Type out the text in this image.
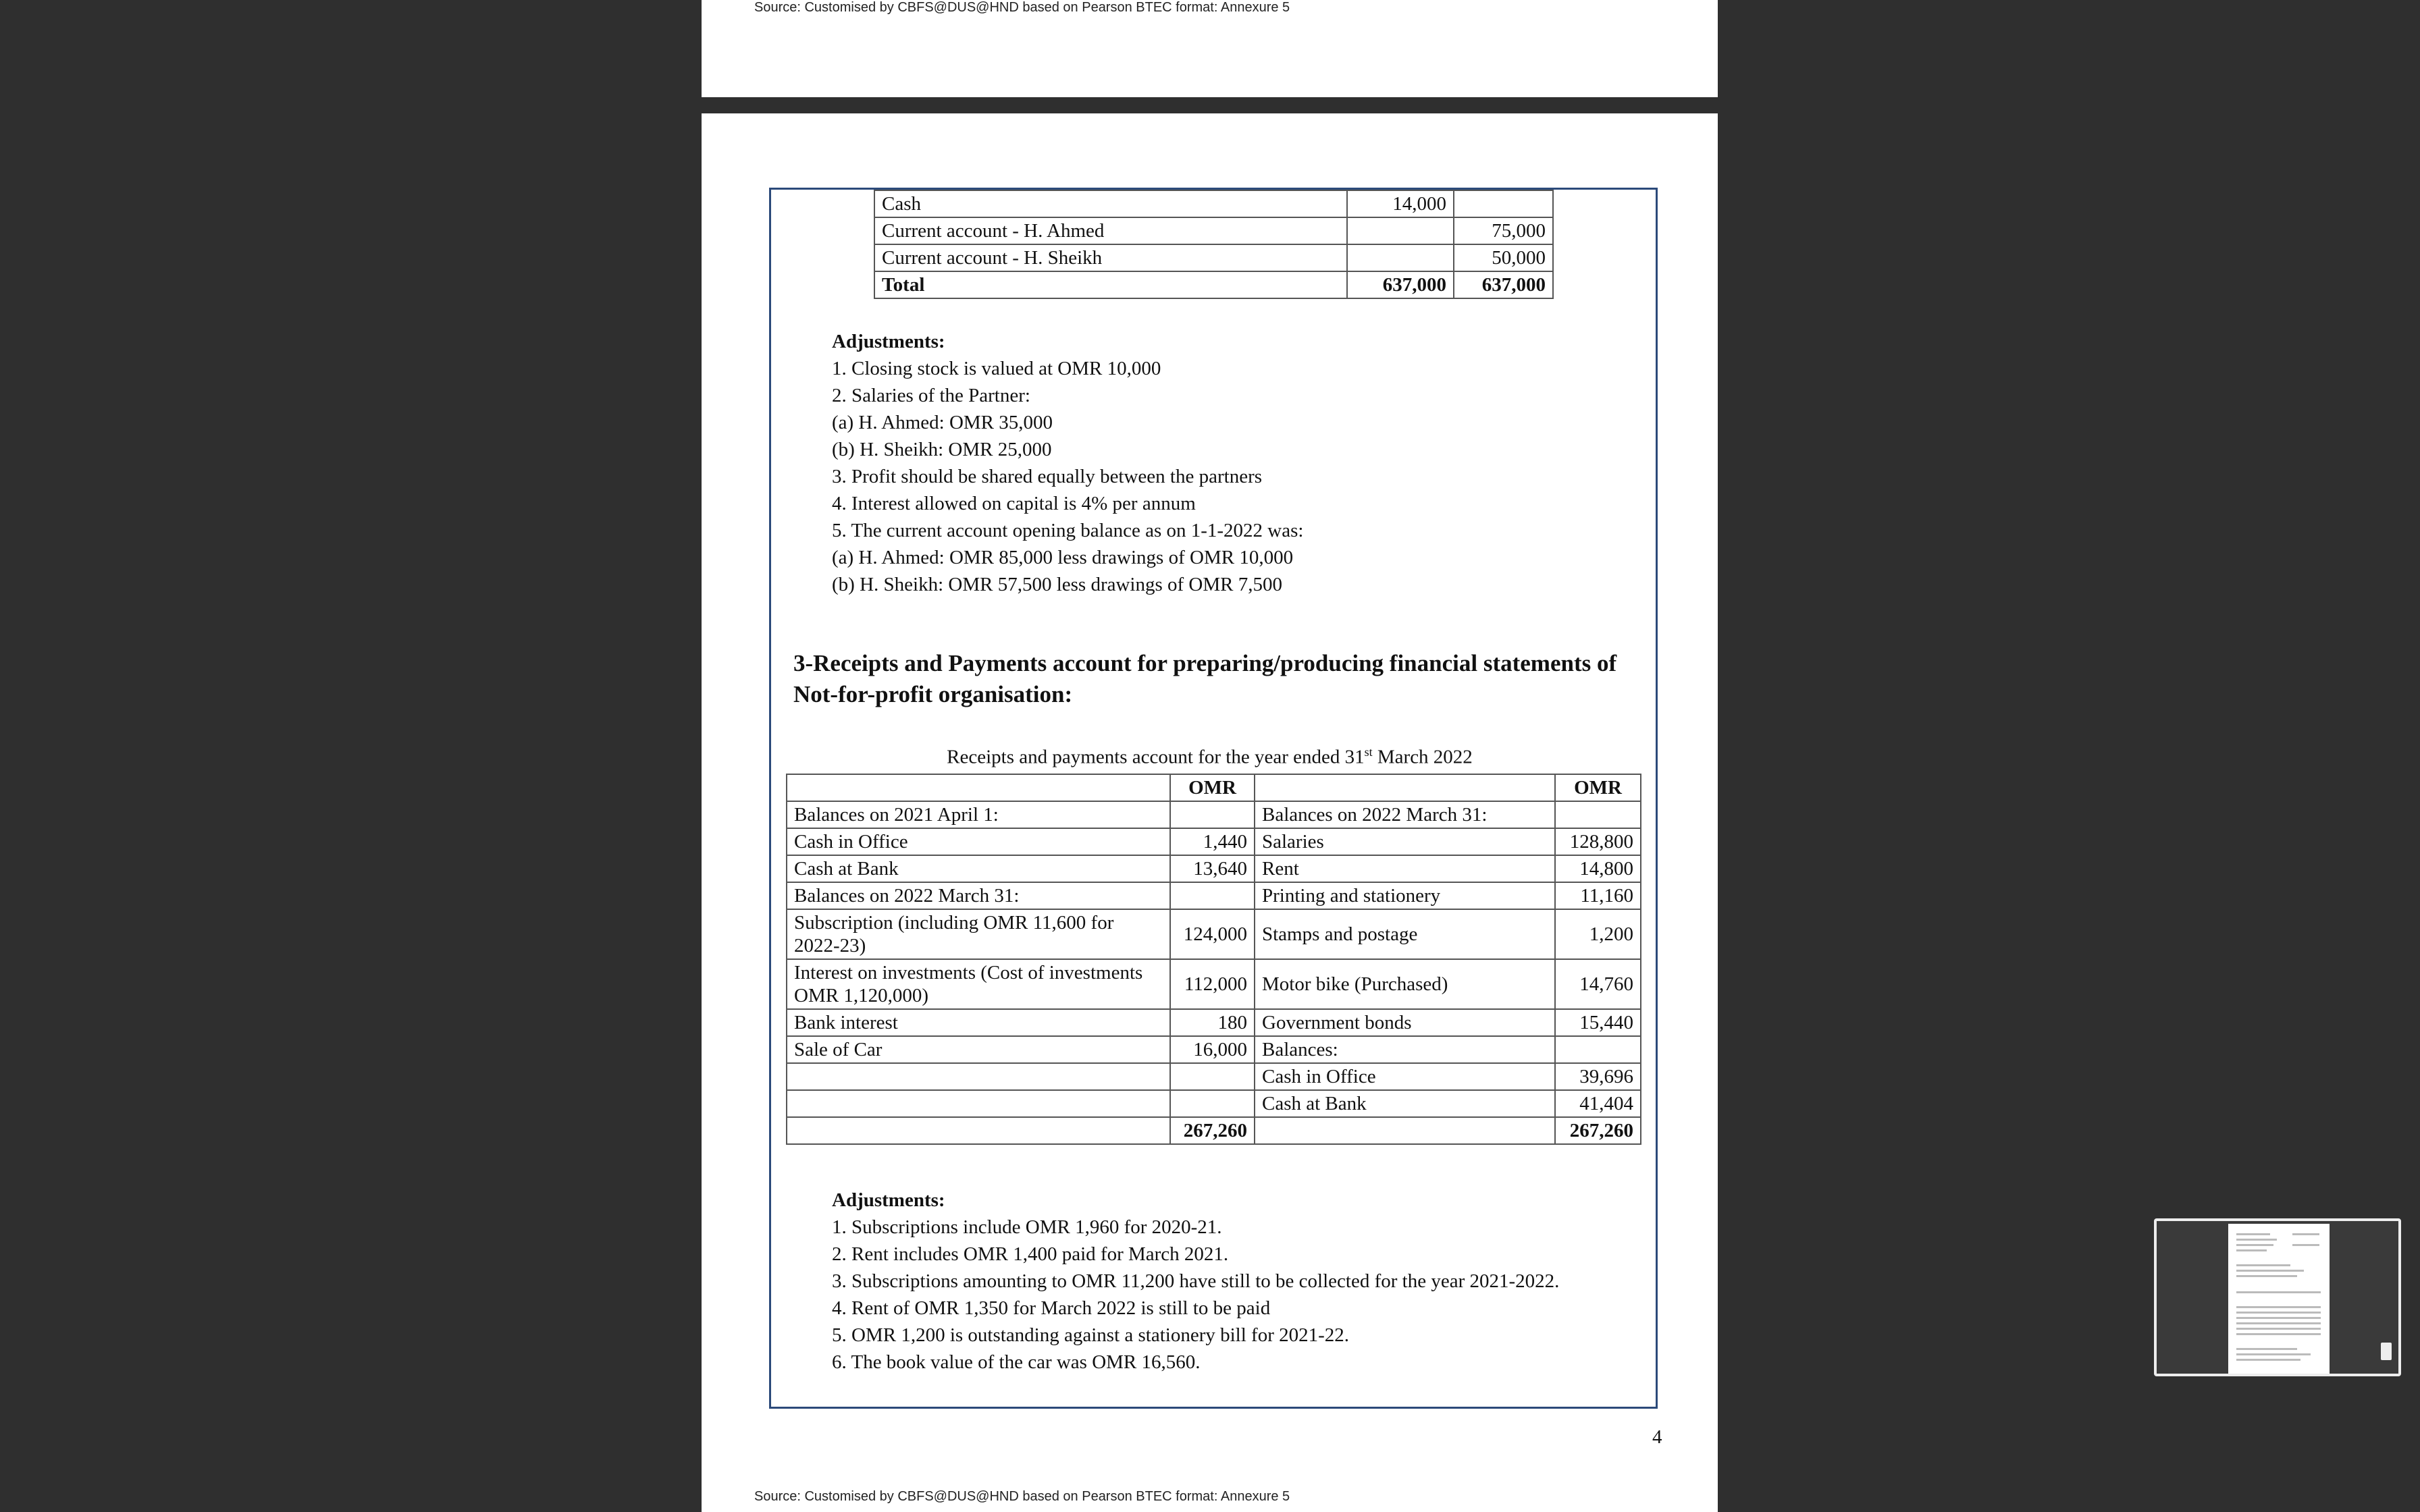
Source: Customised by CBFS@DUS@HND based on Pearson BTEC format: Annexure 5
Cash	14,000	
Current account - H. Ahmed		75,000
Current account - H. Sheikh		50,000
Total	637,000	637,000
Adjustments:
1. Closing stock is valued at OMR 10,000
2. Salaries of the Partner:
(a) H. Ahmed: OMR 35,000
(b) H. Sheikh: OMR 25,000
3. Profit should be shared equally between the partners
4. Interest allowed on capital is 4% per annum
5. The current account opening balance as on 1-1-2022 was:
(a) H. Ahmed: OMR 85,000 less drawings of OMR 10,000
(b) H. Sheikh: OMR 57,500 less drawings of OMR 7,500
3-Receipts and Payments account for preparing/producing financial statements of Not-for-profit organisation:
Receipts and payments account for the year ended 31st March 2022
	OMR		OMR
Balances on 2021 April 1:		Balances on 2022 March 31:	
Cash in Office	1,440	Salaries	128,800
Cash at Bank	13,640	Rent	14,800
Balances on 2022 March 31:		Printing and stationery	11,160
Subscription (including OMR 11,600 for 2022-23)	124,000	Stamps and postage	1,200
Interest on investments (Cost of investments OMR 1,120,000)	112,000	Motor bike (Purchased)	14,760
Bank interest	180	Government bonds	15,440
Sale of Car	16,000	Balances:	
		Cash in Office	39,696
		Cash at Bank	41,404
	267,260		267,260
Adjustments:
1. Subscriptions include OMR 1,960 for 2020-21.
2. Rent includes OMR 1,400 paid for March 2021.
3. Subscriptions amounting to OMR 11,200 have still to be collected for the year 2021-2022.
4. Rent of OMR 1,350 for March 2022 is still to be paid
5. OMR 1,200 is outstanding against a stationery bill for 2021-22.
6. The book value of the car was OMR 16,560.
4
Source: Customised by CBFS@DUS@HND based on Pearson BTEC format: Annexure 5
